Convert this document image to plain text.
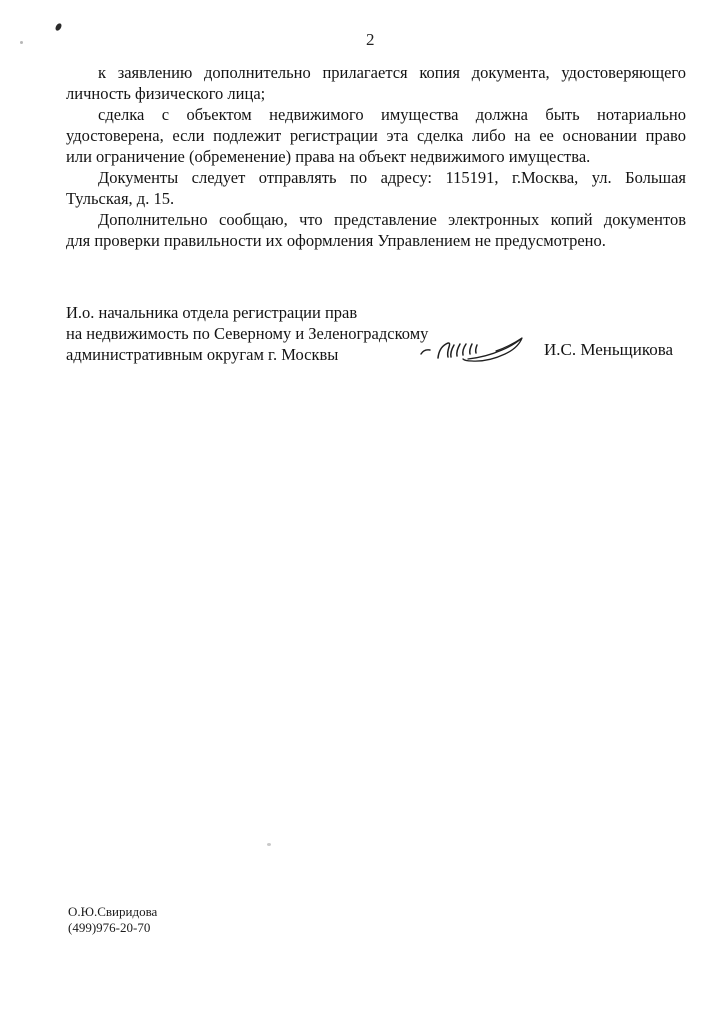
2
к заявлению дополнительно прилагается копия документа, удостоверяющего
личность физического лица;
сделка с объектом недвижимого имущества должна быть нотариально
удостоверена, если подлежит регистрации эта сделка либо на ее основании право
или ограничение (обременение) права на объект недвижимого имущества.
Документы следует отправлять по адресу: 115191, г.Москва, ул. Большая
Тульская, д. 15.
Дополнительно сообщаю, что представление электронных копий документов
для проверки правильности их оформления Управлением не предусмотрено.
И.о. начальника отдела регистрации прав
на недвижимость по Северному и Зеленоградскому
административным округам г. Москвы	И.С. Меньщикова
О.Ю.Свиридова
(499)976-20-70
